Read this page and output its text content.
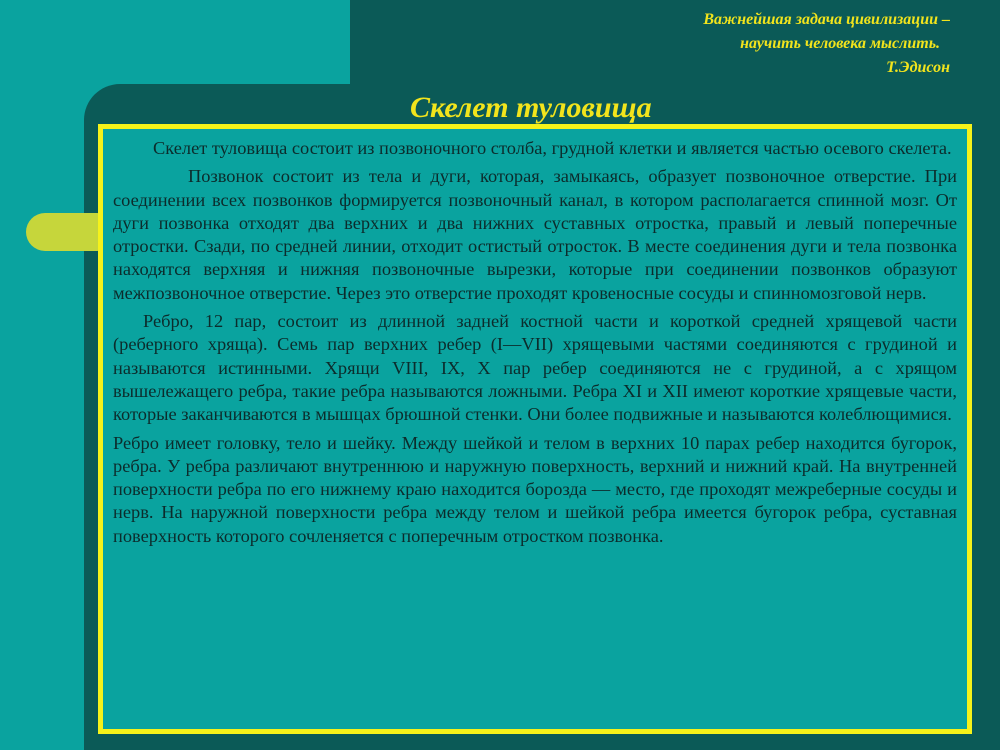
Важнейшая задача цивилизации –
научить человека мыслить.
Т.Эдисон
Скелет туловища

Скелет туловища состоит из позвоночного столба, грудной клетки и является частью осевого скелета.

Позвонок состоит из тела и дуги, которая, замыкаясь, образует позвоночное отверстие. При соединении всех позвонков формируется позвоночный канал, в котором располагается спинной мозг. От дуги позвонка отходят два верхних и два нижних суставных отростка, правый и левый поперечные отростки. Сзади, по средней линии, отходит остистый отросток. В месте соединения дуги и тела позвонка находятся верхняя и нижняя позвоночные вырезки, которые при соединении позвонков образуют межпозвоночное отверстие. Через это отверстие проходят кровеносные сосуды и спинномозговой нерв.

Ребро, 12 пар, состоит из длинной задней костной части и короткой средней хрящевой части (реберного хряща). Семь пар верхних ребер (I—VII) хрящевыми частями соединяются с грудиной и называются истинными. Хрящи VIII, IX, X пар ребер соединяются не с грудиной, а с хрящом вышележащего ребра, такие ребра называются ложными. Ребра XI и XII имеют короткие хрящевые части, которые заканчиваются в мышцах брюшной стенки. Они более подвижные и называются колеблющимися.

Ребро имеет головку, тело и шейку. Между шейкой и телом в верхних 10 парах ребер находится бугорок, ребра. У ребра различают внутреннюю и наружную поверхность, верхний и нижний край. На внутренней поверхности ребра по его нижнему краю находится борозда — место, где проходят межреберные сосуды и нерв. На наружной поверхности ребра между телом и шейкой ребра имеется бугорок ребра, суставная поверхность которого сочленяется с поперечным отростком позвонка.
